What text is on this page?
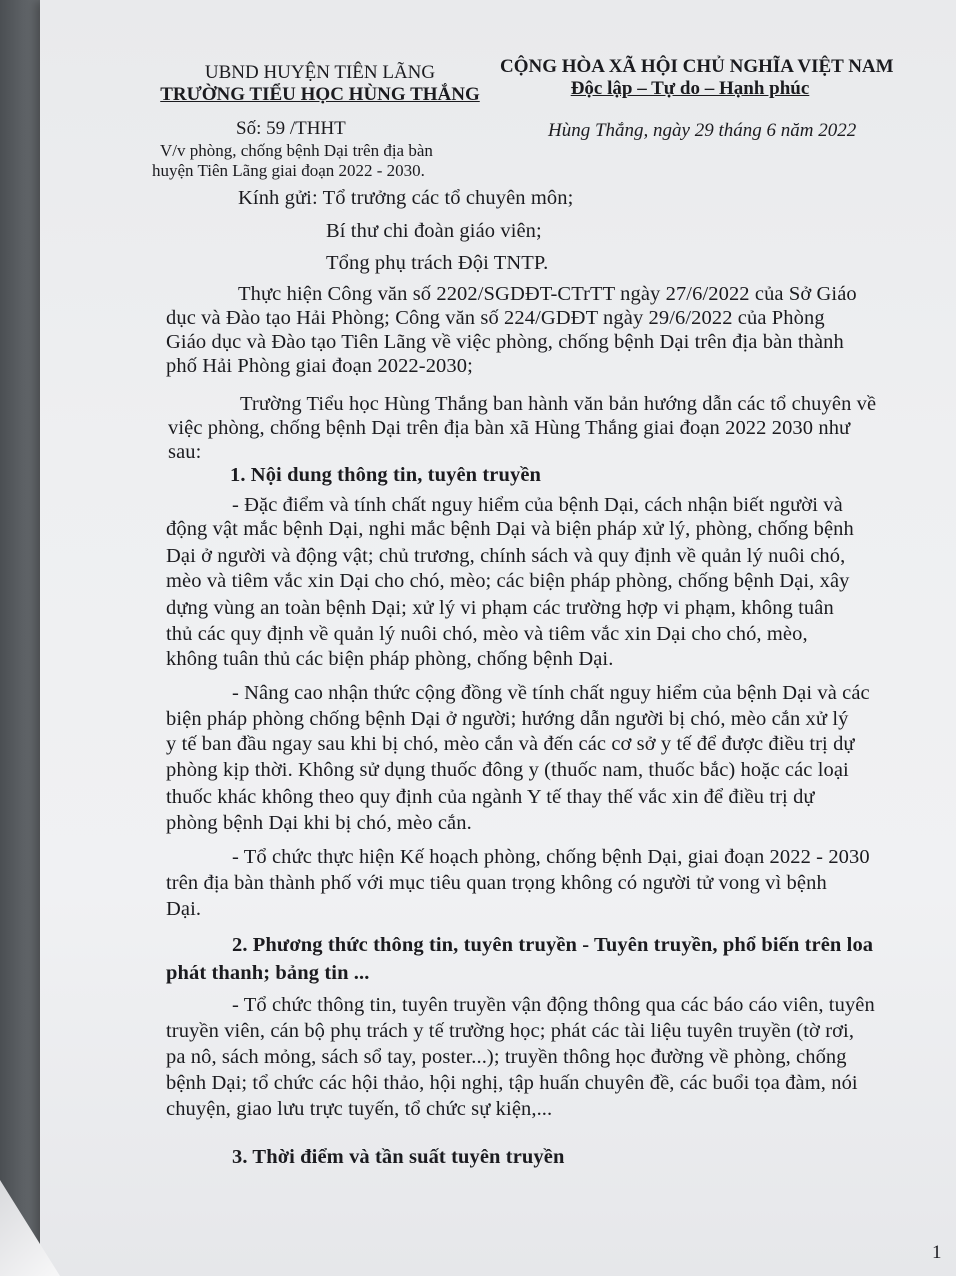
UBND HUYỆN TIÊN LÃNG
TRƯỜNG TIỂU HỌC HÙNG THẮNG
CỘNG HÒA XÃ HỘI CHỦ NGHĨA VIỆT NAM
Độc lập – Tự do – Hạnh phúc
Số: 59 /THHT	Hùng Thắng, ngày 29 tháng 6 năm 2022
V/v phòng, chống bệnh Dại trên địa bàn
huyện Tiên Lãng giai đoạn 2022 - 2030.
Kính gửi: Tổ trưởng các tổ chuyên môn;
Bí thư chi đoàn giáo viên;
Tổng phụ trách Đội TNTP.
Thực hiện Công văn số 2202/SGDĐT-CTrTT ngày 27/6/2022 của Sở Giáo
dục và Đào tạo Hải Phòng; Công văn số 224/GDĐT ngày 29/6/2022 của Phòng
Giáo dục và Đào tạo Tiên Lãng về việc phòng, chống bệnh Dại trên địa bàn thành
phố Hải Phòng giai đoạn 2022-2030;
Trường Tiểu học Hùng Thắng ban hành văn bản hướng dẫn các tổ chuyên về
việc phòng, chống bệnh Dại trên địa bàn xã Hùng Thắng giai đoạn 2022 2030 như
sau:
1. Nội dung thông tin, tuyên truyền
- Đặc điểm và tính chất nguy hiểm của bệnh Dại, cách nhận biết người và
động vật mắc bệnh Dại, nghi mắc bệnh Dại và biện pháp xử lý, phòng, chống bệnh
Dại ở người và động vật; chủ trương, chính sách và quy định về quản lý nuôi chó,
mèo và tiêm vắc xin Dại cho chó, mèo; các biện pháp phòng, chống bệnh Dại, xây
dựng vùng an toàn bệnh Dại; xử lý vi phạm các trường hợp vi phạm, không tuân
thủ các quy định về quản lý nuôi chó, mèo và tiêm vắc xin Dại cho chó, mèo,
không tuân thủ các biện pháp phòng, chống bệnh Dại.
- Nâng cao nhận thức cộng đồng về tính chất nguy hiểm của bệnh Dại và các
biện pháp phòng chống bệnh Dại ở người; hướng dẫn người bị chó, mèo cắn xử lý
y tế ban đầu ngay sau khi bị chó, mèo cắn và đến các cơ sở y tế để được điều trị dự
phòng kịp thời. Không sử dụng thuốc đông y (thuốc nam, thuốc bắc) hoặc các loại
thuốc khác không theo quy định của ngành Y tế thay thế vắc xin để điều trị dự
phòng bệnh Dại khi bị chó, mèo cắn.
- Tổ chức thực hiện Kế hoạch phòng, chống bệnh Dại, giai đoạn 2022 - 2030
trên địa bàn thành phố với mục tiêu quan trọng không có người tử vong vì bệnh
Dại.
2. Phương thức thông tin, tuyên truyền - Tuyên truyền, phổ biến trên loa
phát thanh; bảng tin ...
- Tổ chức thông tin, tuyên truyền vận động thông qua các báo cáo viên, tuyên
truyền viên, cán bộ phụ trách y tế trường học; phát các tài liệu tuyên truyền (tờ rơi,
pa nô, sách mỏng, sách sổ tay, poster...); truyền thông học đường về phòng, chống
bệnh Dại; tổ chức các hội thảo, hội nghị, tập huấn chuyên đề, các buổi tọa đàm, nói
chuyện, giao lưu trực tuyến, tổ chức sự kiện,...
3. Thời điểm và tần suất tuyên truyền
1
